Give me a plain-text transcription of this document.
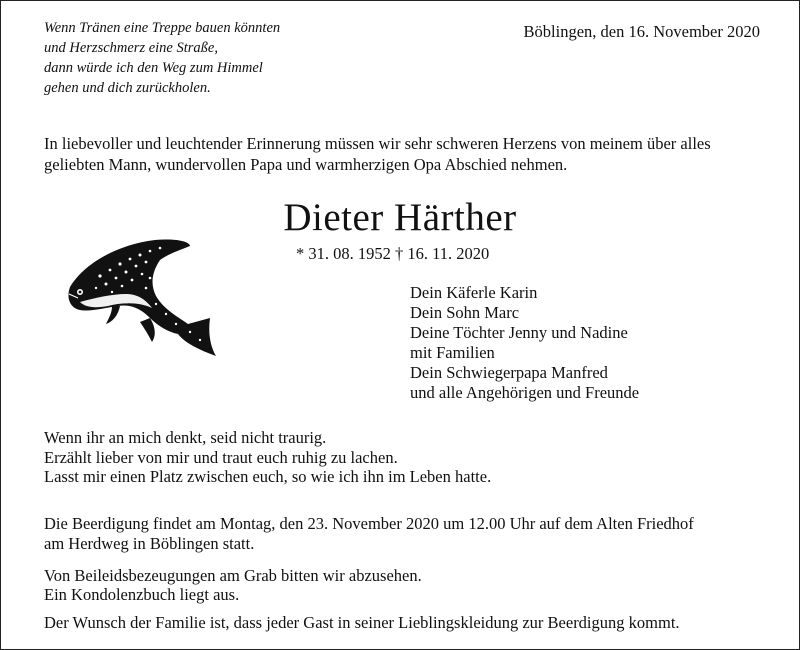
Wenn Tränen eine Treppe bauen könnten
und Herzschmerz eine Straße,
dann würde ich den Weg zum Himmel
gehen und dich zurückholen.
Böblingen, den 16. November 2020
In liebevoller und leuchtender Erinnerung müssen wir sehr schweren Herzens von meinem über alles
geliebten Mann, wundervollen Papa und warmherzigen Opa Abschied nehmen.
Dieter Härther
* 31. 08. 1952 † 16. 11. 2020
Dein Käferle Karin
Dein Sohn Marc
Deine Töchter Jenny und Nadine
mit Familien
Dein Schwiegerpapa Manfred
und alle Angehörigen und Freunde
Wenn ihr an mich denkt, seid nicht traurig.
Erzählt lieber von mir und traut euch ruhig zu lachen.
Lasst mir einen Platz zwischen euch, so wie ich ihn im Leben hatte.
Die Beerdigung findet am Montag, den 23. November 2020 um 12.00 Uhr auf dem Alten Friedhof
am Herdweg in Böblingen statt.
Von Beileidsbezeugungen am Grab bitten wir abzusehen.
Ein Kondolenzbuch liegt aus.
Der Wunsch der Familie ist, dass jeder Gast in seiner Lieblingskleidung zur Beerdigung kommt.
